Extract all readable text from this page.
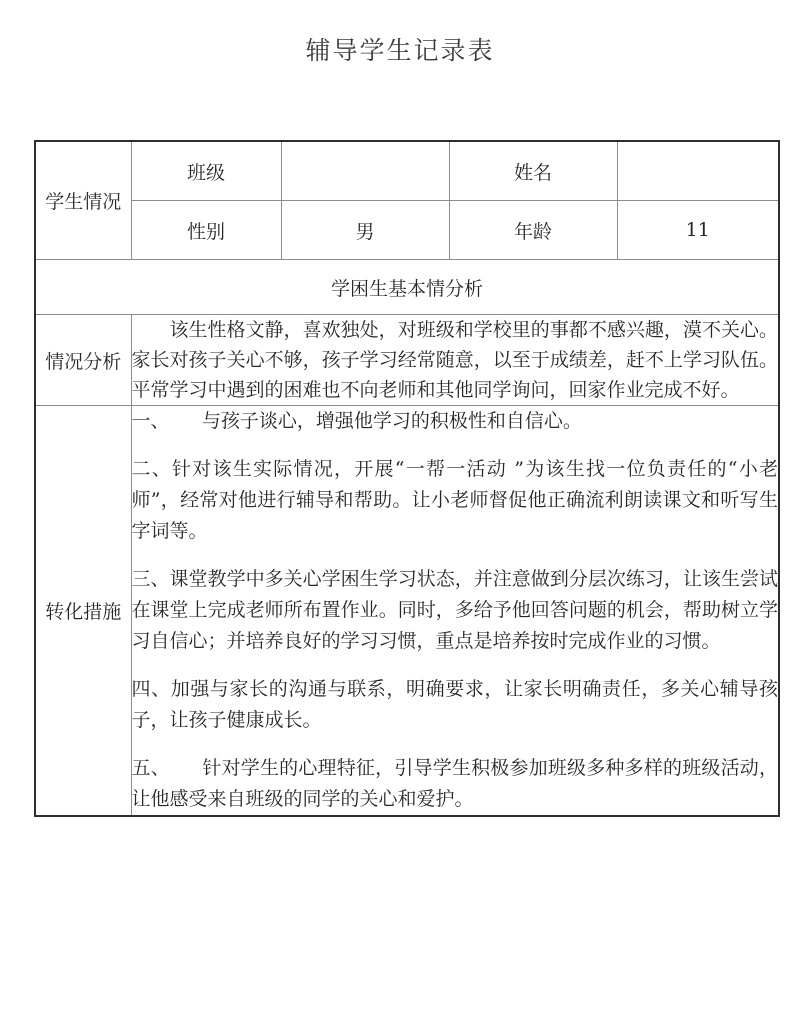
辅导学生记录表
学生情况	班级		姓名	
	性别	男	年龄	11
学困生基本情分析				
情况分析	该生性格文静，喜欢独处，对班级和学校里的事都不感兴趣，漠不关心。家长对孩子关心不够，孩子学习经常随意，以至于成绩差，赶不上学习队伍。平常学习中遇到的困难也不向老师和其他同学询问，回家作业完成不好。			

转化措施	一、 与孩子谈心，增强他学习的积极性和自信心。

二、针对该生实际情况，开展“一帮一活动 ”为该生找一位负责任的“小老师”，经常对他进行辅导和帮助。让小老师督促他正确流利朗读课文和听写生字词等。

三、课堂教学中多关心学困生学习状态，并注意做到分层次练习，让该生尝试在课堂上完成老师所布置作业。同时，多给予他回答问题的机会，帮助树立学习自信心；并培养良好的学习习惯，重点是培养按时完成作业的习惯。

四、加强与家长的沟通与联系，明确要求，让家长明确责任，多关心辅导孩子，让孩子健康成长。

五、 针对学生的心理特征，引导学生积极参加班级多种多样的班级活动，让他感受来自班级的同学的关心和爱护。			
